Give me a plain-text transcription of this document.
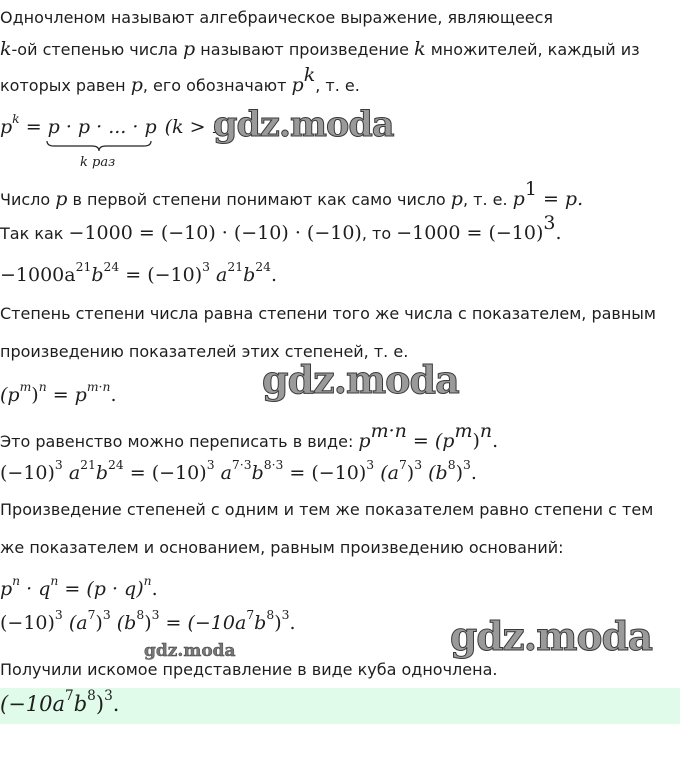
Одночленом называют алгебраическое выражение, являющееся
k-ой степенью числа p называют произведение k множителей, каждый из
которых равен p, его обозначают $p^k$, т. е.
$p^k = p \cdot p$ · ... · p (k > 1
k раз
Число p в первой степени понимают как само число p, т. е. $p^1 = p$.
Так как −1000 = (−10) · (−10) · (−10), то $-1000 = (-10)^3$.
$-1000a^{21}b^{24} = (-10)^3$ $a^{21}b^{24}$.
Степень степени числа равна степени того же числа с показателем, равным
произведению показателей этих степеней, т. е.
$(p^m)^n = p^{m\cdot n}$.
Это равенство можно переписать в виде: $p^{m\cdot n} = (p^m)^n$.
$(-10)^3$ $a^{21}b^{24} = (-10)^3$ $a^{7\cdot 3}b^{8\cdot 3} = (-10)^3$ $(a^7)^3$ $(b^8)^3$.
Произведение степеней с одним и тем же показателем равно степени с тем
же показателем и основанием, равным произведению оснований:
$p^n \cdot q^n = (p \cdot q)^n$.
$(-10)^3$ $(a^7)^3$ $(b^8)^3 = (-10a^7b^8)^3$.
Получили искомое представление в виде куба одночлена.
$(-10a^7b^8)^3$.
gdz.moda
gdz.moda
gdz.moda
gdz.moda
